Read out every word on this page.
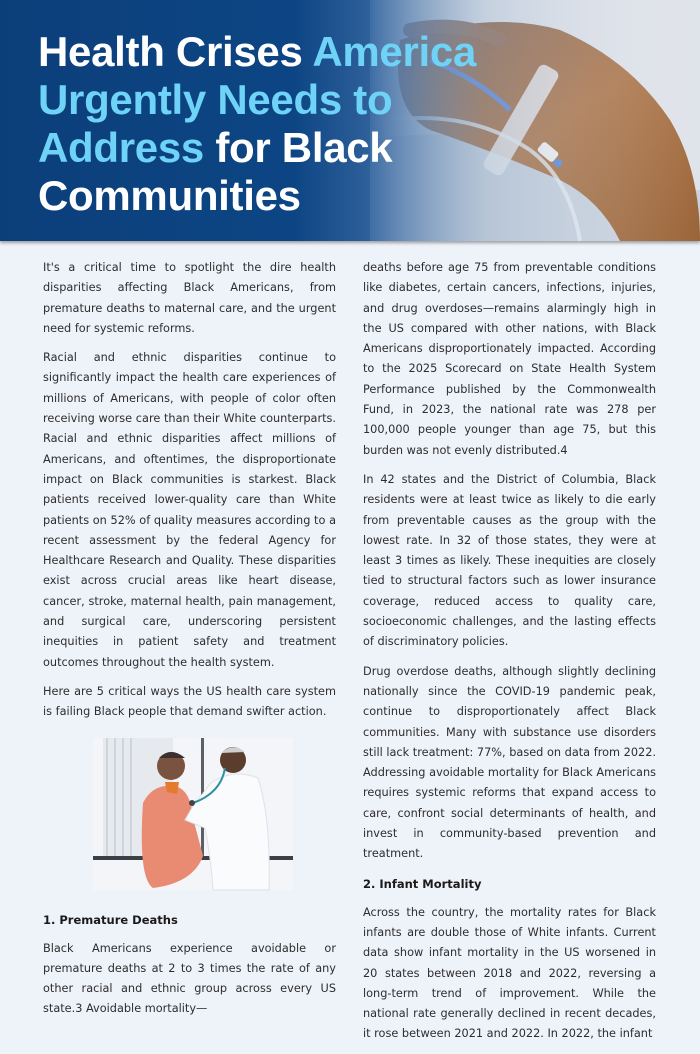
Health Crises America Urgently Needs to Address for Black Communities

It's a critical time to spotlight the dire health disparities affecting Black Americans, from premature deaths to maternal care, and the urgent need for systemic reforms.

Racial and ethnic disparities continue to significantly impact the health care experiences of millions of Americans, with people of color often receiving worse care than their White counterparts. Racial and ethnic disparities affect millions of Americans, and oftentimes, the disproportionate impact on Black communities is starkest. Black patients received lower-quality care than White patients on 52% of quality measures according to a recent assessment by the federal Agency for Healthcare Research and Quality. These disparities exist across crucial areas like heart disease, cancer, stroke, maternal health, pain management, and surgical care, underscoring persistent inequities in patient safety and treatment outcomes throughout the health system.

Here are 5 critical ways the US health care system is failing Black people that demand swifter action.

1. Premature Deaths

Black Americans experience avoidable or premature deaths at 2 to 3 times the rate of any other racial and ethnic group across every US state.3 Avoidable mortality—

deaths before age 75 from preventable conditions like diabetes, certain cancers, infections, injuries, and drug overdoses—remains alarmingly high in the US compared with other nations, with Black Americans disproportionately impacted. According to the 2025 Scorecard on State Health System Performance published by the Commonwealth Fund, in 2023, the national rate was 278 per 100,000 people younger than age 75, but this burden was not evenly distributed.4

In 42 states and the District of Columbia, Black residents were at least twice as likely to die early from preventable causes as the group with the lowest rate. In 32 of those states, they were at least 3 times as likely. These inequities are closely tied to structural factors such as lower insurance coverage, reduced access to quality care, socioeconomic challenges, and the lasting effects of discriminatory policies.

Drug overdose deaths, although slightly declining nationally since the COVID-19 pandemic peak, continue to disproportionately affect Black communities. Many with substance use disorders still lack treatment: 77%, based on data from 2022. Addressing avoidable mortality for Black Americans requires systemic reforms that expand access to care, confront social determinants of health, and invest in community-based prevention and treatment.

2. Infant Mortality

Across the country, the mortality rates for Black infants are double those of White infants. Current data show infant mortality in the US worsened in 20 states between 2018 and 2022, reversing a long-term trend of improvement. While the national rate generally declined in recent decades, it rose between 2021 and 2022. In 2022, the infant
